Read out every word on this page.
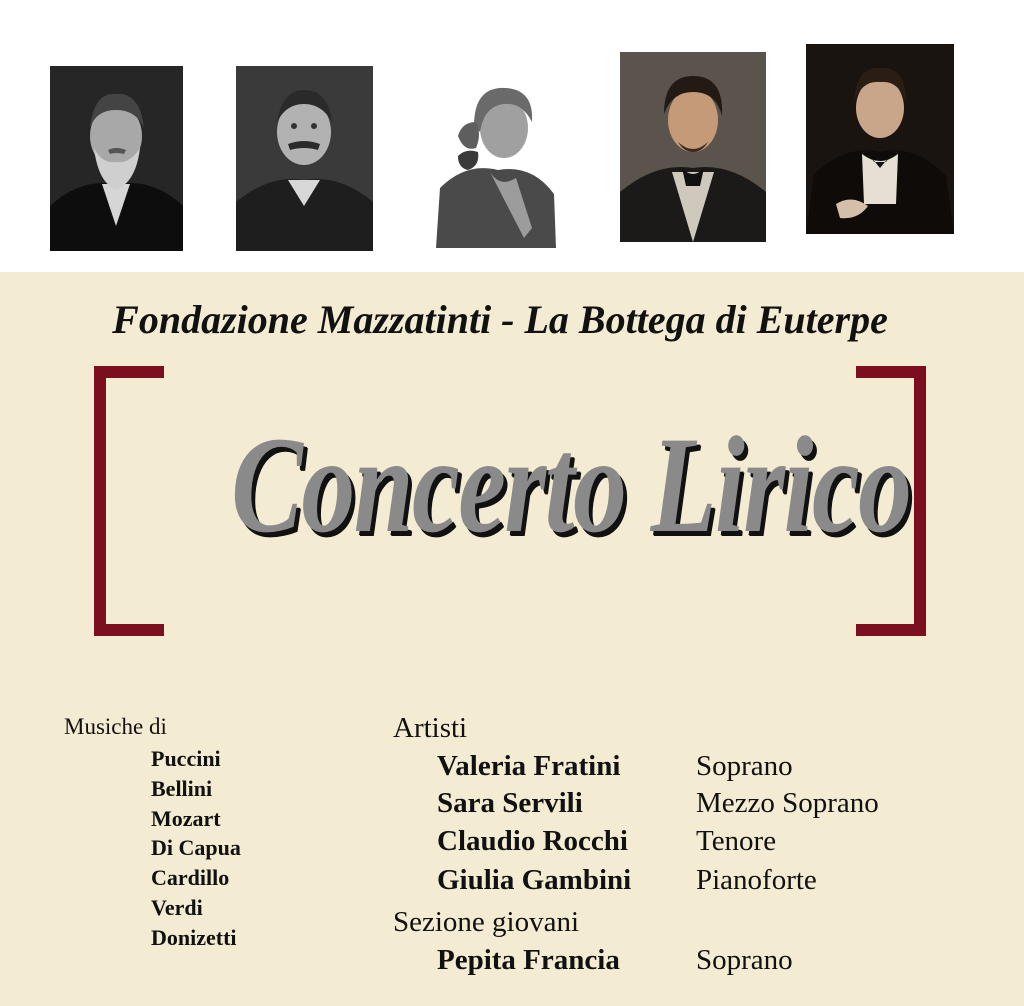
Fondazione Mazzatinti - La Bottega di Euterpe
Concerto Lirico
Musiche di
Puccini
Bellini
Mozart
Di Capua
Cardillo
Verdi
Donizetti
Artisti
Valeria Fratini	Soprano
Sara Servili	Mezzo Soprano
Claudio Rocchi Tenore
Giulia Gambini Pianoforte
Sezione giovani
Pepita Francia	Soprano
